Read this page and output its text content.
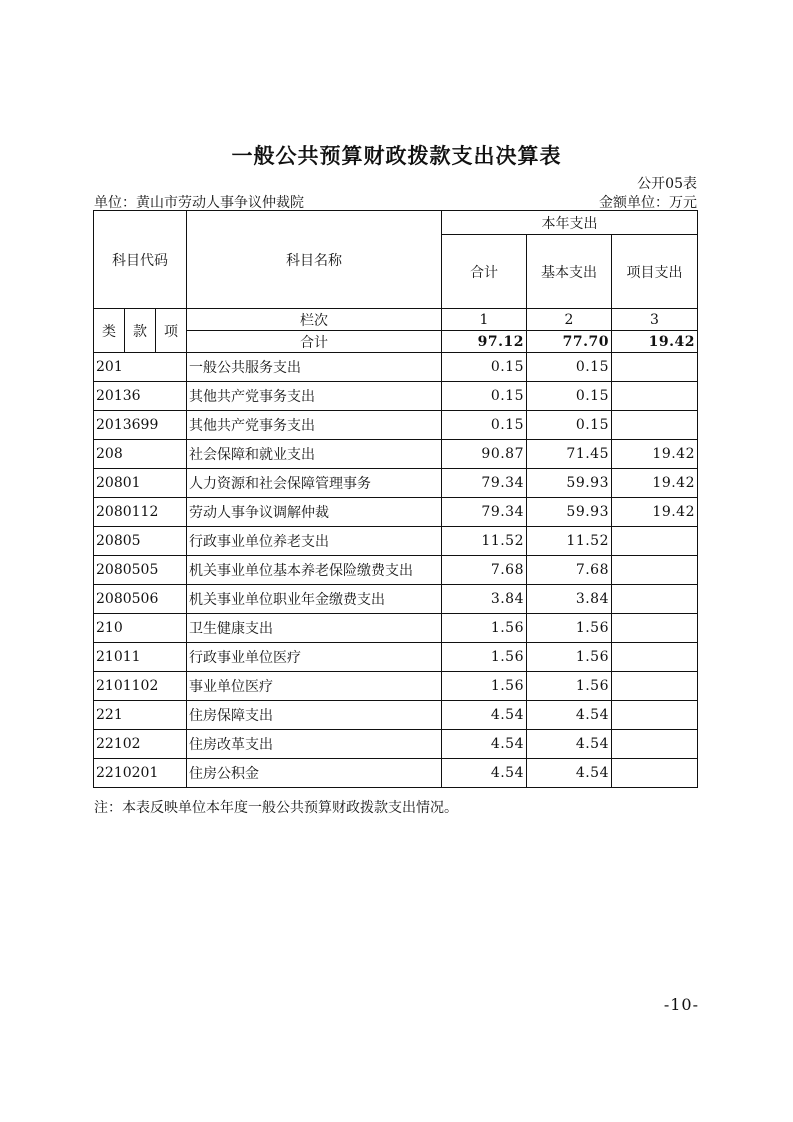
一般公共预算财政拨款支出决算表
公开05表
单位：黄山市劳动人事争议仲裁院	金额单位：万元
科目代码			科目名称	本年支出		
				合计	基本支出	项目支出
类	款	项	栏次	1	2	3
			合计	97.12	77.70	19.42
201			一般公共服务支出	0.15	0.15	
20136			其他共产党事务支出	0.15	0.15	
2013699			其他共产党事务支出	0.15	0.15	
208			社会保障和就业支出	90.87	71.45	19.42
20801			人力资源和社会保障管理事务	79.34	59.93	19.42
2080112			劳动人事争议调解仲裁	79.34	59.93	19.42
20805			行政事业单位养老支出	11.52	11.52	
2080505			机关事业单位基本养老保险缴费支出	7.68	7.68	
2080506			机关事业单位职业年金缴费支出	3.84	3.84	
210			卫生健康支出	1.56	1.56	
21011			行政事业单位医疗	1.56	1.56	
2101102			事业单位医疗	1.56	1.56	
221			住房保障支出	4.54	4.54	
22102			住房改革支出	4.54	4.54	
2210201			住房公积金	4.54	4.54	
注：本表反映单位本年度一般公共预算财政拨款支出情况。
-10-
